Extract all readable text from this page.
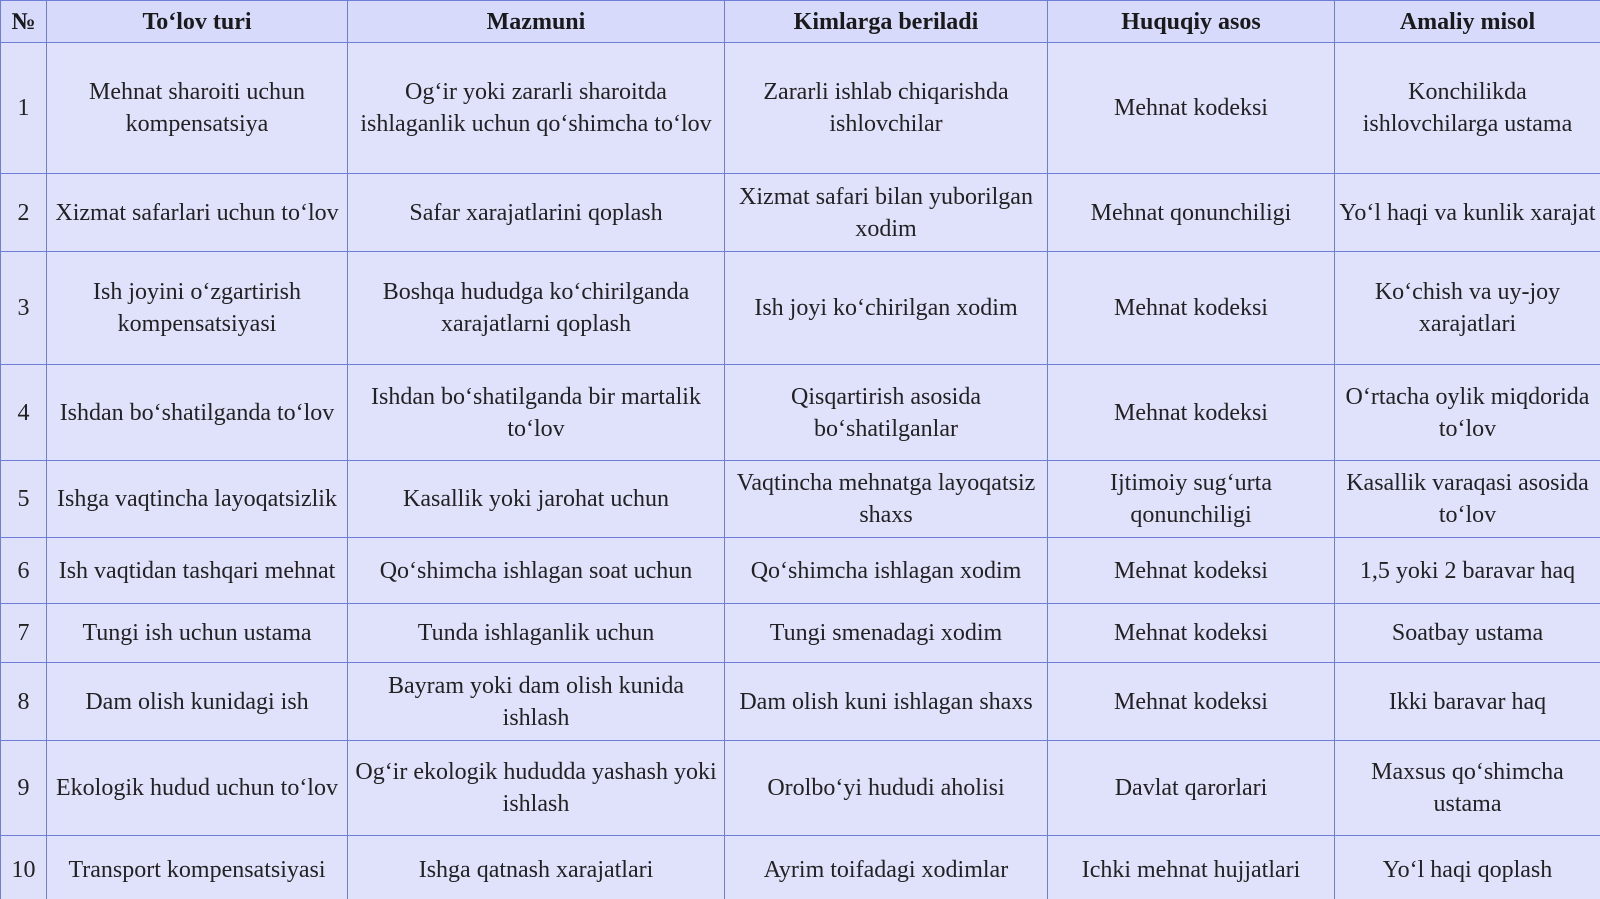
№	To‘lov turi	Mazmuni	Kimlarga beriladi	Huquqiy asos	Amaliy misol
1	Mehnat sharoiti uchun kompensatsiya	Og‘ir yoki zararli sharoitda ishlaganlik uchun qo‘shimcha to‘lov	Zararli ishlab chiqarishda ishlovchilar	Mehnat kodeksi	Konchilikda ishlovchilarga ustama
2	Xizmat safarlari uchun to‘lov	Safar xarajatlarini qoplash	Xizmat safari bilan yuborilgan xodim	Mehnat qonunchiligi	Yo‘l haqi va kunlik xarajat
3	Ish joyini o‘zgartirish kompensatsiyasi	Boshqa hududga ko‘chirilganda xarajatlarni qoplash	Ish joyi ko‘chirilgan xodim	Mehnat kodeksi	Ko‘chish va uy-joy xarajatlari
4	Ishdan bo‘shatilganda to‘lov	Ishdan bo‘shatilganda bir martalik to‘lov	Qisqartirish asosida bo‘shatilganlar	Mehnat kodeksi	O‘rtacha oylik miqdorida to‘lov
5	Ishga vaqtincha layoqatsizlik	Kasallik yoki jarohat uchun	Vaqtincha mehnatga layoqatsiz shaxs	Ijtimoiy sug‘urta qonunchiligi	Kasallik varaqasi asosida to‘lov
6	Ish vaqtidan tashqari mehnat	Qo‘shimcha ishlagan soat uchun	Qo‘shimcha ishlagan xodim	Mehnat kodeksi	1,5 yoki 2 baravar haq
7	Tungi ish uchun ustama	Tunda ishlaganlik uchun	Tungi smenadagi xodim	Mehnat kodeksi	Soatbay ustama
8	Dam olish kunidagi ish	Bayram yoki dam olish kunida ishlash	Dam olish kuni ishlagan shaxs	Mehnat kodeksi	Ikki baravar haq
9	Ekologik hudud uchun to‘lov	Og‘ir ekologik hududda yashash yoki ishlash	Orolbo‘yi hududi aholisi	Davlat qarorlari	Maxsus qo‘shimcha ustama
10	Transport kompensatsiyasi	Ishga qatnash xarajatlari	Ayrim toifadagi xodimlar	Ichki mehnat hujjatlari	Yo‘l haqi qoplash
